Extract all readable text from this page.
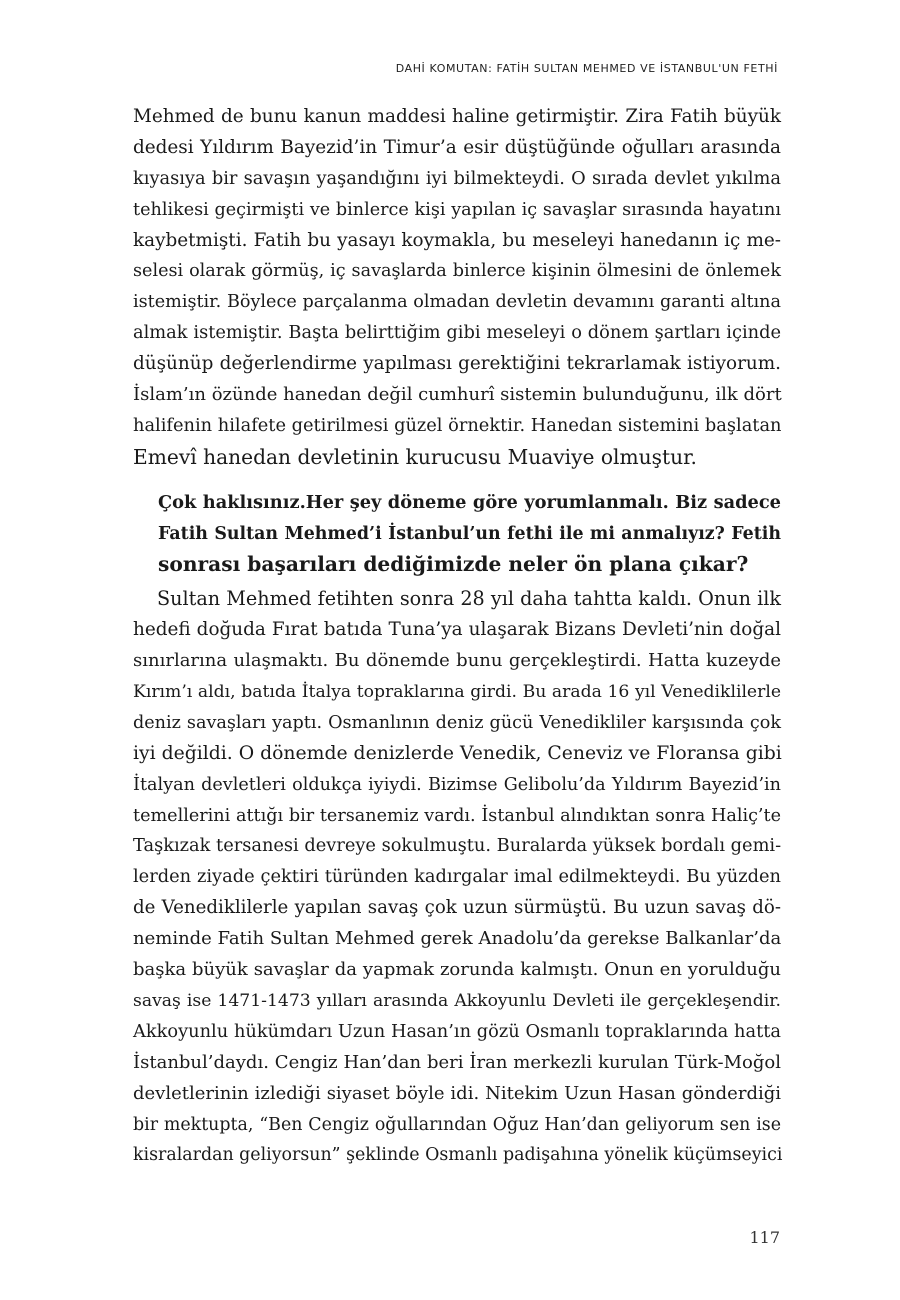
DAHİ KOMUTAN: FATİH SULTAN MEHMED VE İSTANBUL'UN FETHİ
Mehmed de bunu kanun maddesi haline getirmiştir. Zira Fatih büyük
dedesi Yıldırım Bayezid’in Timur’a esir düştüğünde oğulları arasında
kıyasıya bir savaşın yaşandığını iyi bilmekteydi. O sırada devlet yıkılma
tehlikesi geçirmişti ve binlerce kişi yapılan iç savaşlar sırasında hayatını
kaybetmişti. Fatih bu yasayı koymakla, bu meseleyi hanedanın iç me-
selesi olarak görmüş, iç savaşlarda binlerce kişinin ölmesini de önlemek
istemiştir. Böylece parçalanma olmadan devletin devamını garanti altına
almak istemiştir. Başta belirttiğim gibi meseleyi o dönem şartları içinde
düşünüp değerlendirme yapılması gerektiğini tekrarlamak istiyorum.
İslam’ın özünde hanedan değil cumhurî sistemin bulunduğunu, ilk dört
halifenin hilafete getirilmesi güzel örnektir. Hanedan sistemini başlatan
Emevî hanedan devletinin kurucusu Muaviye olmuştur.
Çok haklısınız.Her şey döneme göre yorumlanmalı. Biz sadece
Fatih Sultan Mehmed’i İstanbul’un fethi ile mi anmalıyız? Fetih
sonrası başarıları dediğimizde neler ön plana çıkar?
Sultan Mehmed fetihten sonra 28 yıl daha tahtta kaldı. Onun ilk
hedefi doğuda Fırat batıda Tuna’ya ulaşarak Bizans Devleti’nin doğal
sınırlarına ulaşmaktı. Bu dönemde bunu gerçekleştirdi. Hatta kuzeyde
Kırım’ı aldı, batıda İtalya topraklarına girdi. Bu arada 16 yıl Venediklilerle
deniz savaşları yaptı. Osmanlının deniz gücü Venedikliler karşısında çok
iyi değildi. O dönemde denizlerde Venedik, Ceneviz ve Floransa gibi
İtalyan devletleri oldukça iyiydi. Bizimse Gelibolu’da Yıldırım Bayezid’in
temellerini attığı bir tersanemiz vardı. İstanbul alındıktan sonra Haliç’te
Taşkızak tersanesi devreye sokulmuştu. Buralarda yüksek bordalı gemi-
lerden ziyade çektiri türünden kadırgalar imal edilmekteydi. Bu yüzden
de Venediklilerle yapılan savaş çok uzun sürmüştü. Bu uzun savaş dö-
neminde Fatih Sultan Mehmed gerek Anadolu’da gerekse Balkanlar’da
başka büyük savaşlar da yapmak zorunda kalmıştı. Onun en yorulduğu
savaş ise 1471-1473 yılları arasında Akkoyunlu Devleti ile gerçekleşendir.
Akkoyunlu hükümdarı Uzun Hasan’ın gözü Osmanlı topraklarında hatta
İstanbul’daydı. Cengiz Han’dan beri İran merkezli kurulan Türk-Moğol
devletlerinin izlediği siyaset böyle idi. Nitekim Uzun Hasan gönderdiği
bir mektupta, “Ben Cengiz oğullarından Oğuz Han’dan geliyorum sen ise
kisralardan geliyorsun” şeklinde Osmanlı padişahına yönelik küçümseyici
117
